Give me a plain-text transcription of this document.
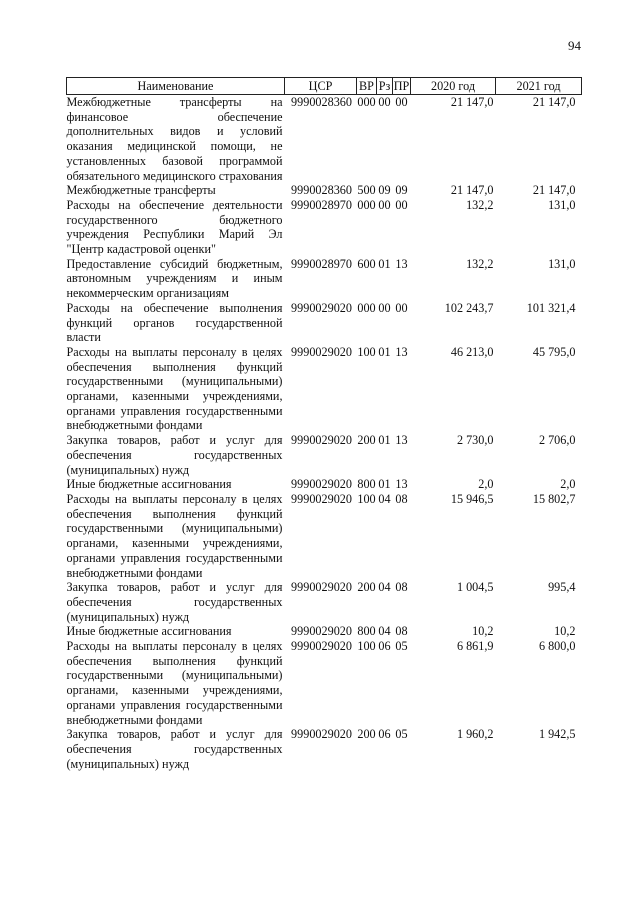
94
Наименование	ЦСР	ВР	Рз	ПР	2020 год	2021 год
Межбюджетные трансферты на финансовое обеспечение дополнительных видов и условий оказания медицинской помощи, не установленных базовой программой обязательного медицинского страхования	9990028360	000	00	00	21 147,0	21 147,0
Межбюджетные трансферты	9990028360	500	09	09	21 147,0	21 147,0
Расходы на обеспечение деятельности государственного бюджетного учреждения Республики Марий Эл "Центр кадастровой оценки"	9990028970	000	00	00	132,2	131,0
Предоставление субсидий бюджетным, автономным учреждениям и иным некоммерческим организациям	9990028970	600	01	13	132,2	131,0
Расходы на обеспечение выполнения функций органов государственной власти	9990029020	000	00	00	102 243,7	101 321,4
Расходы на выплаты персоналу в целях обеспечения выполнения функций государственными (муниципальными) органами, казенными учреждениями, органами управления государственными внебюджетными фондами	9990029020	100	01	13	46 213,0	45 795,0
Закупка товаров, работ и услуг для обеспечения государственных (муниципальных) нужд	9990029020	200	01	13	2 730,0	2 706,0
Иные бюджетные ассигнования	9990029020	800	01	13	2,0	2,0
Расходы на выплаты персоналу в целях обеспечения выполнения функций государственными (муниципальными) органами, казенными учреждениями, органами управления государственными внебюджетными фондами	9990029020	100	04	08	15 946,5	15 802,7
Закупка товаров, работ и услуг для обеспечения государственных (муниципальных) нужд	9990029020	200	04	08	1 004,5	995,4
Иные бюджетные ассигнования	9990029020	800	04	08	10,2	10,2
Расходы на выплаты персоналу в целях обеспечения выполнения функций государственными (муниципальными) органами, казенными учреждениями, органами управления государственными внебюджетными фондами	9990029020	100	06	05	6 861,9	6 800,0
Закупка товаров, работ и услуг для обеспечения государственных (муниципальных) нужд	9990029020	200	06	05	1 960,2	1 942,5
